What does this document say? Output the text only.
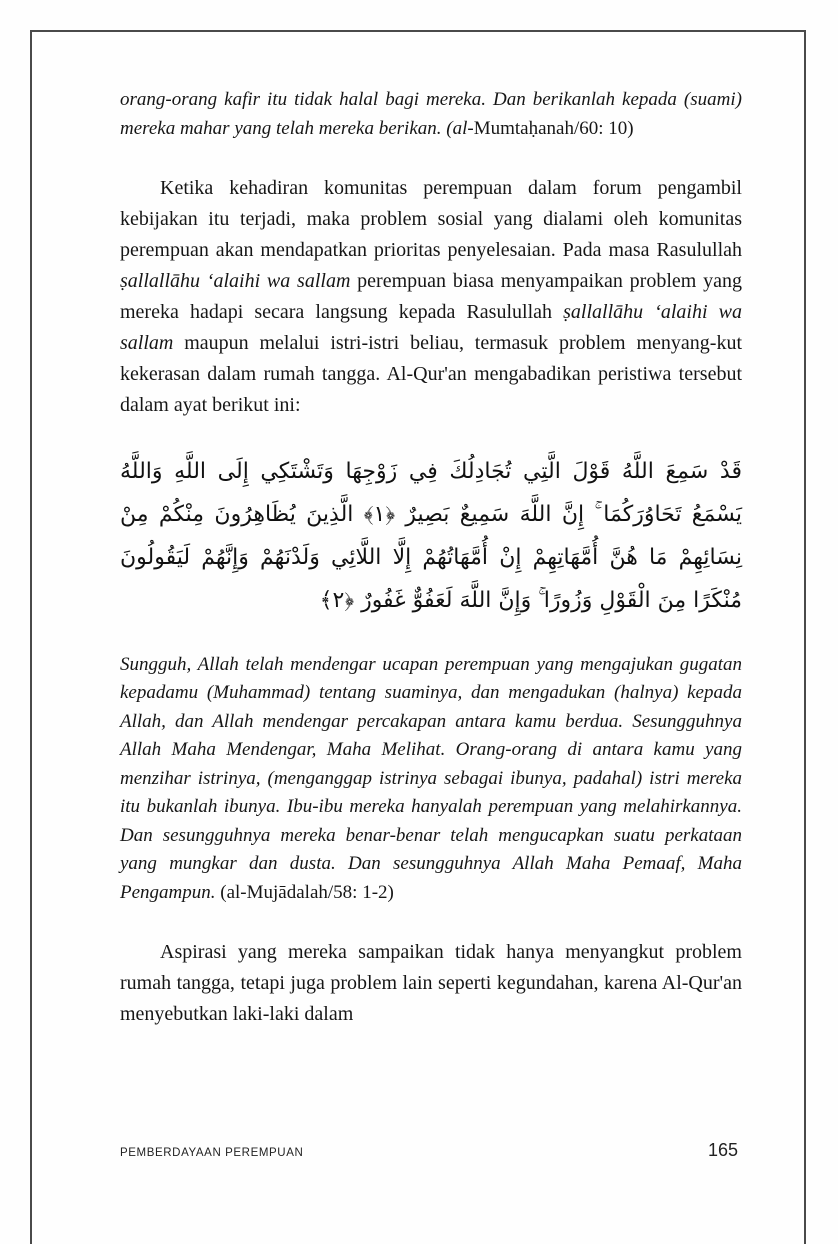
orang-orang kafir itu tidak halal bagi mereka. Dan berikanlah kepada (suami) mereka mahar yang telah mereka berikan. (al-Mumtaḥanah/60: 10)

Ketika kehadiran komunitas perempuan dalam forum pengambil kebijakan itu terjadi, maka problem sosial yang dialami oleh komunitas perempuan akan mendapatkan prioritas penyelesaian. Pada masa Rasulullah ṣallallāhu ‘alaihi wa sallam perempuan biasa menyampaikan problem yang mereka hadapi secara langsung kepada Rasulullah ṣallallāhu ‘alaihi wa sallam maupun melalui istri-istri beliau, termasuk problem menyang-kut kekerasan dalam rumah tangga. Al-Qur'an mengabadikan peristiwa tersebut dalam ayat berikut ini:

قَدْ سَمِعَ اللَّهُ قَوْلَ الَّتِي تُجَادِلُكَ فِي زَوْجِهَا وَتَشْتَكِي إِلَى اللَّهِ وَاللَّهُ يَسْمَعُ تَحَاوُرَكُمَا ۚ إِنَّ اللَّهَ سَمِيعٌ بَصِيرٌ ﴿١﴾ الَّذِينَ يُظَاهِرُونَ مِنْكُمْ مِنْ نِسَائِهِمْ مَا هُنَّ أُمَّهَاتِهِمْ إِنْ أُمَّهَاتُهُمْ إِلَّا اللَّائِي وَلَدْنَهُمْ وَإِنَّهُمْ لَيَقُولُونَ مُنْكَرًا مِنَ الْقَوْلِ وَزُورًا ۚ وَإِنَّ اللَّهَ لَعَفُوٌّ غَفُورٌ ﴿٢﴾

Sungguh, Allah telah mendengar ucapan perempuan yang mengajukan gugatan kepadamu (Muhammad) tentang suaminya, dan mengadukan (halnya) kepada Allah, dan Allah mendengar percakapan antara kamu berdua. Sesungguhnya Allah Maha Mendengar, Maha Melihat. Orang-orang di antara kamu yang menzihar istrinya, (menganggap istrinya sebagai ibunya, padahal) istri mereka itu bukanlah ibunya. Ibu-ibu mereka hanyalah perempuan yang melahirkannya. Dan sesungguhnya mereka benar-benar telah mengucapkan suatu perkataan yang mungkar dan dusta. Dan sesungguhnya Allah Maha Pemaaf, Maha Pengampun. (al-Mujādalah/58: 1-2)

Aspirasi yang mereka sampaikan tidak hanya menyangkut problem rumah tangga, tetapi juga problem lain seperti kegundahan, karena Al-Qur'an menyebutkan laki-laki dalam

PEMBERDAYAAN PEREMPUAN	165
